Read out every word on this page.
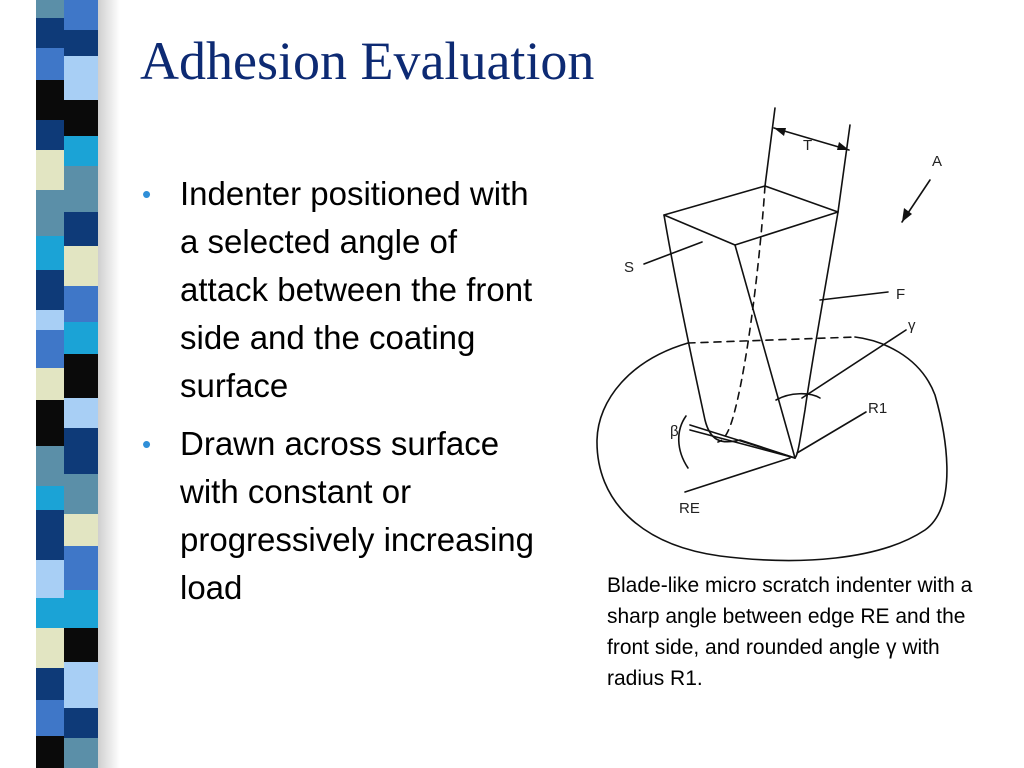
Adhesion Evaluation
• Indenter positioned with a selected angle of attack between the front side and the coating surface
• Drawn across surface with constant or progressively increasing load
T
A
S
F
γ
R1
β
RE

Blade-like micro scratch indenter with a sharp angle between edge RE and the front side, and rounded angle γ with radius R1.
